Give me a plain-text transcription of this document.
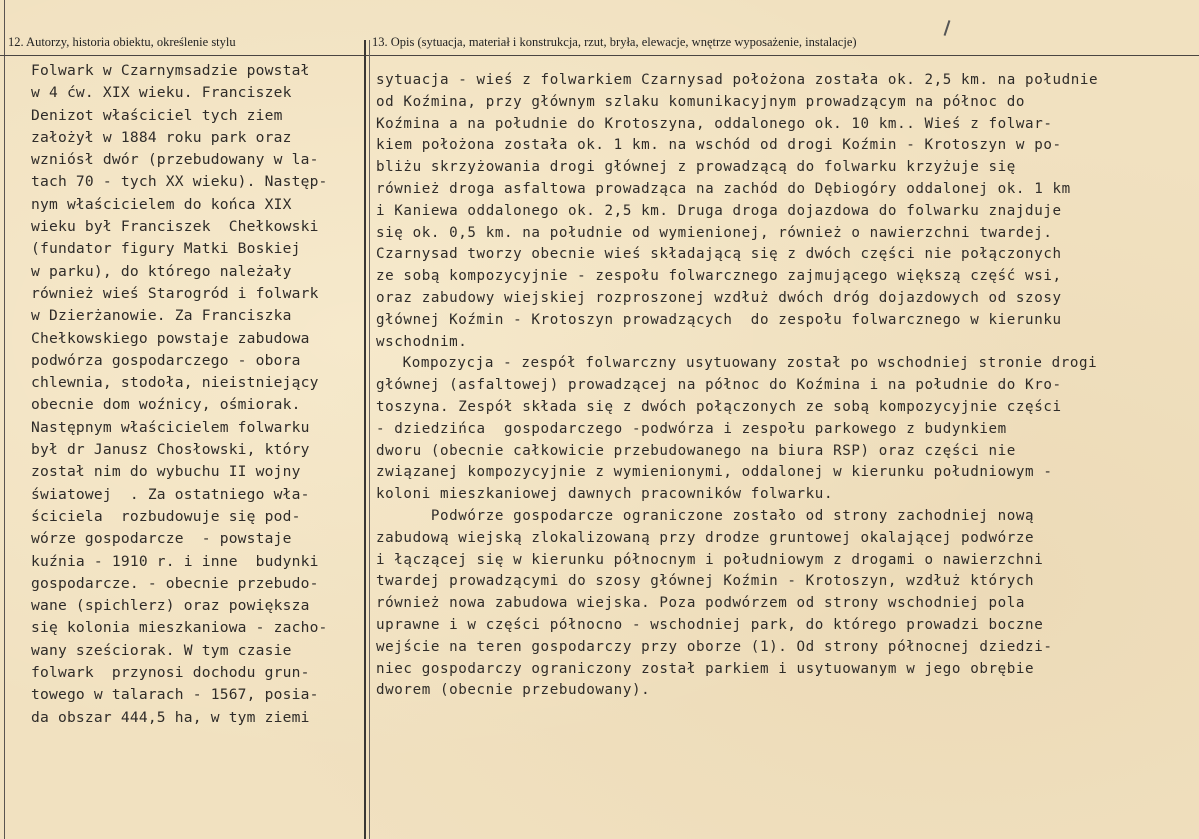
12. Autorzy, historia obiektu, określenie stylu	13. Opis (sytuacja, materiał i konstrukcja, rzut, bryła, elewacje, wnętrze wyposażenie, instalacje)
Folwark w Czarnymsadzie powstał
w 4 ćw. XIX wieku. Franciszek
Denizot właściciel tych ziem
założył w 1884 roku park oraz
wzniósł dwór (przebudowany w la-
tach 70 - tych XX wieku). Następ-
nym właścicielem do końca XIX
wieku był Franciszek  Chełkowski
(fundator figury Matki Boskiej
w parku), do którego należały
również wieś Starogród i folwark
w Dzierżanowie. Za Franciszka
Chełkowskiego powstaje zabudowa
podwórza gospodarczego - obora
chlewnia, stodoła, nieistniejący
obecnie dom woźnicy, ośmiorak.
Następnym właścicielem folwarku
był dr Janusz Chosłowski, który
został nim do wybuchu II wojny
światowej  . Za ostatniego wła-
ściciela  rozbudowuje się pod-
wórze gospodarcze  - powstaje
kuźnia - 1910 r. i inne  budynki
gospodarcze. - obecnie przebudo-
wane (spichlerz) oraz powiększa
się kolonia mieszkaniowa - zacho-
wany sześciorak. W tym czasie
folwark  przynosi dochodu grun-
towego w talarach - 1567, posia-
da obszar 444,5 ha, w tym ziemi
sytuacja - wieś z folwarkiem Czarnysad położona została ok. 2,5 km. na południe
od Koźmina, przy głównym szlaku komunikacyjnym prowadzącym na północ do
Koźmina a na południe do Krotoszyna, oddalonego ok. 10 km.. Wieś z folwar-
kiem położona została ok. 1 km. na wschód od drogi Koźmin - Krotoszyn w po-
bliżu skrzyżowania drogi głównej z prowadzącą do folwarku krzyżuje się
również droga asfaltowa prowadząca na zachód do Dębiogóry oddalonej ok. 1 km
i Kaniewa oddalonego ok. 2,5 km. Druga droga dojazdowa do folwarku znajduje
się ok. 0,5 km. na południe od wymienionej, również o nawierzchni twardej.
Czarnysad tworzy obecnie wieś składającą się z dwóch części nie połączonych
ze sobą kompozycyjnie - zespołu folwarcznego zajmującego większą część wsi,
oraz zabudowy wiejskiej rozproszonej wzdłuż dwóch dróg dojazdowych od szosy
głównej Koźmin - Krotoszyn prowadzących  do zespołu folwarcznego w kierunku
wschodnim.
Kompozycja - zespół folwarczny usytuowany został po wschodniej stronie drogi
głównej (asfaltowej) prowadzącej na północ do Koźmina i na południe do Kro-
toszyna. Zespół składa się z dwóch połączonych ze sobą kompozycyjnie części
- dziedzińca  gospodarczego -podwórza i zespołu parkowego z budynkiem
dworu (obecnie całkowicie przebudowanego na biura RSP) oraz części nie
związanej kompozycyjnie z wymienionymi, oddalonej w kierunku południowym -
koloni mieszkaniowej dawnych pracowników folwarku.
Podwórze gospodarcze ograniczone zostało od strony zachodniej nową
zabudową wiejską zlokalizowaną przy drodze gruntowej okalającej podwórze
i łączącej się w kierunku północnym i południowym z drogami o nawierzchni
twardej prowadzącymi do szosy głównej Koźmin - Krotoszyn, wzdłuż których
również nowa zabudowa wiejska. Poza podwórzem od strony wschodniej pola
uprawne i w części północno - wschodniej park, do którego prowadzi boczne
wejście na teren gospodarczy przy oborze (1). Od strony północnej dziedzi-
niec gospodarczy ograniczony został parkiem i usytuowanym w jego obrębie
dworem (obecnie przebudowany).
